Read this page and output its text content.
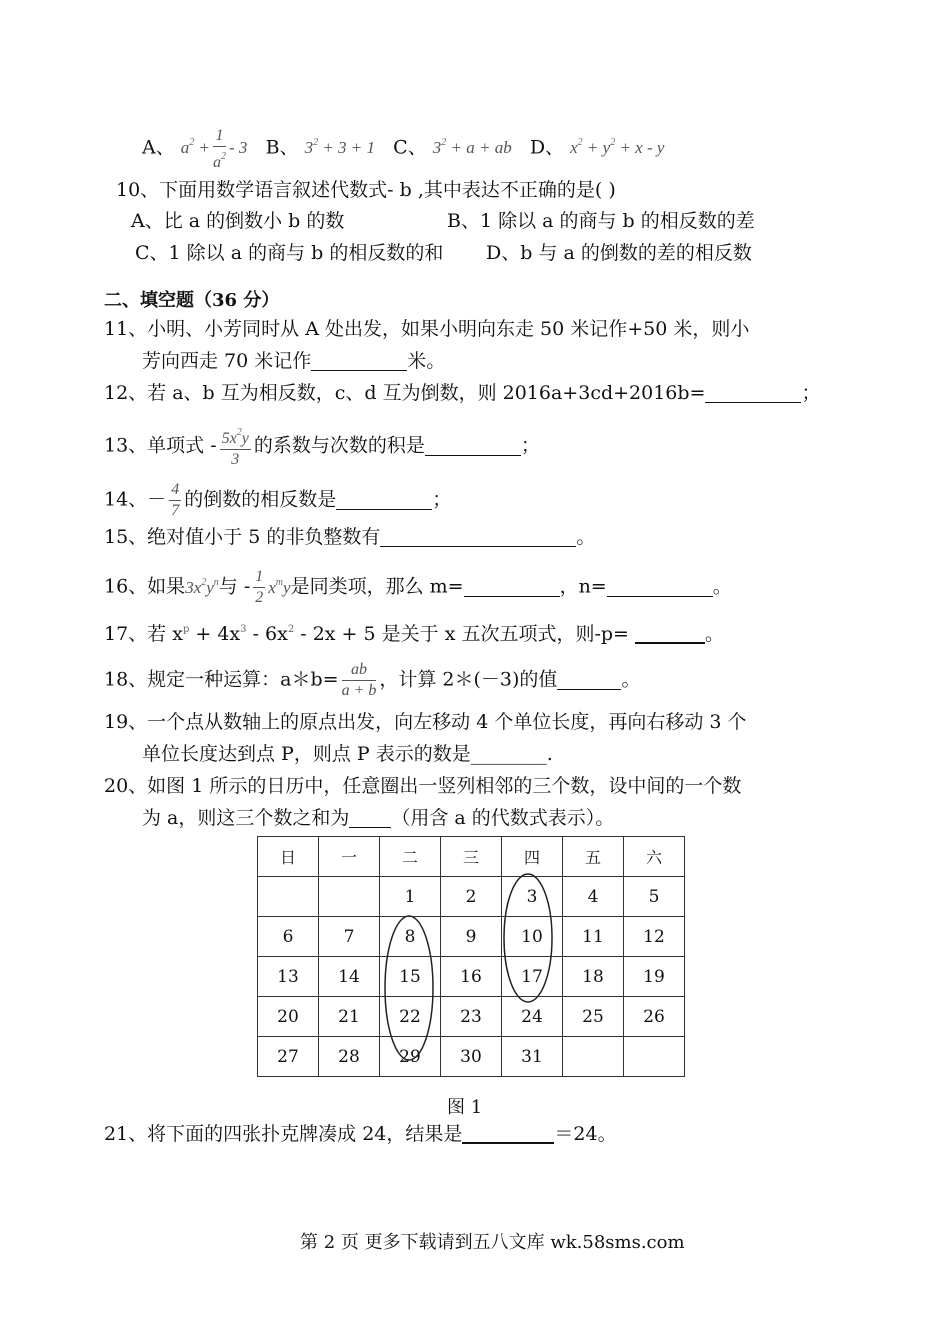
A、 $a^2 + \frac{1}{a^2} - 3$ B、 $3^2 + 3 + 1$ C、 $3^2 + a$ + ab D、 $x^2 + y^2 + x - y$
10、下面用数学语言叙述代数式- b ,其中表达不正确的是( )
A、比 a 的倒数小 b 的数	B、1 除以 a 的商与 b 的相反数的差
C、1 除以 a 的商与 b 的相反数的和 D、b 与 a 的倒数的差的相反数
二、填空题（36 分）
11、小明、小芳同时从 A 处出发，如果小明向东走 50 米记作+50 米，则小
芳向西走 70 米记作	米。
12、若 a、b 互为相反数，c、d 互为倒数，则 2016a+3cd+2016b=	；
13、单项式 - $\frac{5x^2y}{3}$ 的系数与次数的积是	；
14、－ $\frac{4}{7}$ 的倒数的相反数是	；
15、绝对值小于 5 的非负整数有	。
16、如果$3x^2y^n$与 - $\frac{1}{2} x^my$是同类项，那么 m=	，n=	。
17、若 $x^p + 4x^3 - 6x^2 - 2x + 5$ 是关于 x 五次五项式，则-p=	。
18、规定一种运算：a＊b= $\frac{ab}{a + b}$ ，计算 2＊(－3)的值	。
19、一个点从数轴上的原点出发，向左移动 4 个单位长度，再向右移动 3 个
单位长度达到点 P，则点 P 表示的数是________.
20、如图 1 所示的日历中，任意圈出一竖列相邻的三个数，设中间的一个数
为 a，则这三个数之和为 （用含 a 的代数式表示）。
日	一	二	三	四	五	六
		1	2	3	4	5
6	7	8	9	10	11	12
13	14	15	16	17	18	19
20	21	22	23	24	25	26
27	28	29	30	31		
图 1
21、将下面的四张扑克牌凑成 24，结果是	＝24。
第 2 页 更多下载请到五八文库 wk.58sms.com
